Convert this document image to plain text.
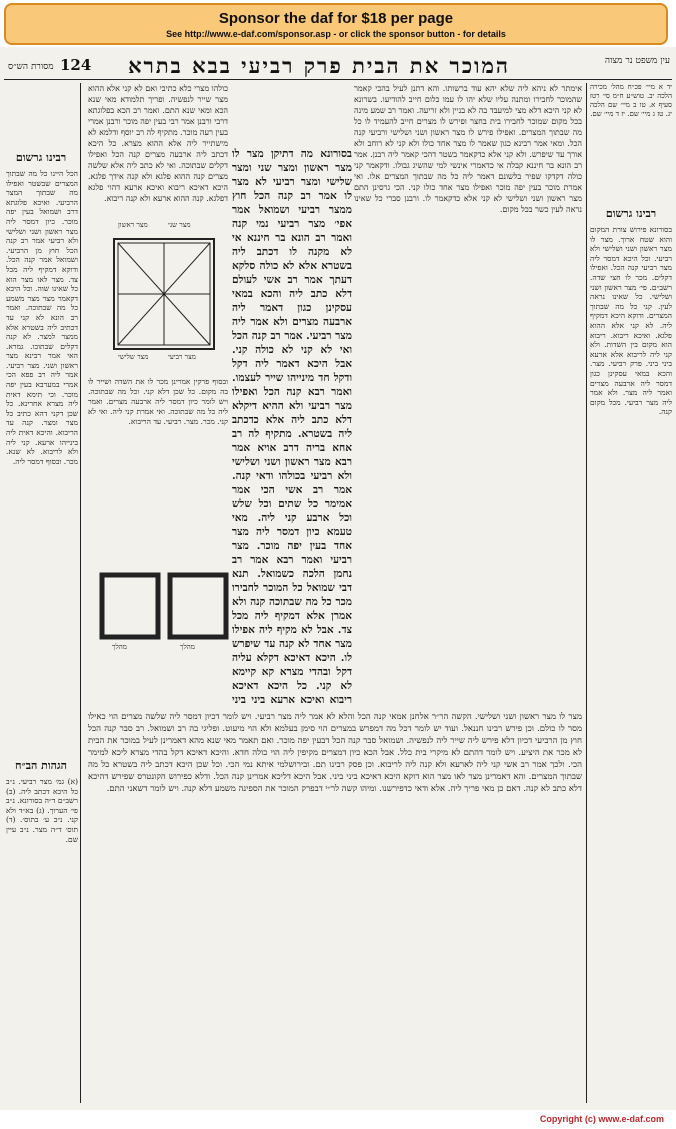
Sponsor the daf for $18 per page
See http://www.e-daf.com/sponsor.asp - or click the sponsor button - for details
124	המוכר את הבית פרק רביעי בבא בתרא
מסורת הש״ס
עין משפט נר מצוה

יד א מיי׳ פכ״ח מהל׳ מכירה הלכה יב. טוש״ע ח״מ סי׳ רטז סעיף א. טו ב מיי׳ שם הלכה יג. טז ג מיי׳ שם. יז ד מיי׳ שם.

רבינו גרשום

בסורונא פירוש צורת המקום והוא שטח ארוך. מצר לו מצר ראשון ושני ושלישי ולא רביעי. וכל היכא דמסר ליה מצר רביעי קנה הכל. ואפילו דקלים. מכר לו חצי שדה. רשב״ם. פי׳ מצר ראשון ושני ושלישי. כל שאינו נראה לעין. קני כל מה שבתוך המצרים. ודוקא היכא דמקיף ליה. לא קני אלא ההוא פלגא. ואיכא ריבוא. ריבוא הוא מקום בין השדות. ולא קני ליה לריבוא אלא ארעא ביני ביני. פרק רביעי. מצר. והכא במאי עסקינן כגון דמסר ליה ארבעה מצרים ואמר ליה מצר. ולא אמר ליה מצר רביעי. מכל מקום קנה.

אימתר לא ניהא ליה שלא יהא עוד ברשותו. והא דתנן לעיל בהכי קאמר שהמוכר לחבירו ומתנה עליו שלא יהו לו עמו כלום חייב להודיעו. בשרונא לא קני היכא דלא מצי למיעבד בה לא בניין ולא זריעה. ואמר רב שמע מינה בכל מקום שמוכר לחבירו בית בחצר ופירש לו מצרים חייב להעמיד לו כל מה שבתוך המצרים. ואפילו פירש לו מצר ראשון ושני ושלישי ורביעי קנה הכל. ומאי אמר רבינא כגון שאמר לו מצר אחד כולו ולא קני לא רוחב ולא אורך עד שיפרש. ולא קני אלא כדקאמר בשטר דהכי קאמר ליה רבנן. אמר רב הונא בר חיננא קבלה אי כדאמרי אינשי למי שהשיג גבולו. ודקאמר קני כולה דקדקו שפיר בלשונם דאמר ליה כל מה שבתוך המצרים אלו. ואי אמרת מוכר בעין יפה מוכר ואפילו מצר אחד כולו קני. הכי גרסינן התם מצר ראשון ושני ושלישי לא קני אלא כדקאמר לו. ורבנן סברי כל שאינו נראה לעין כשר בכל מקום.

בסורונא מה דתיקן מצר לו מצר ראשון ומצר שני ומצר שלישי ומצר רביעי לא מצר לו אמר רב קנה הכל חוץ ממצר רביעי ושמואל אמר אפי׳ מצר רביעי נמי קנה ואמר רב הונא בר חיננא אי לא מקנה לו דכתב ליה בשטרא אלא לא כולה סלקא דעתך אמר רב אשי לעולם דלא כתב ליה והכא במאי עסקינן כגון דאמר ליה ארבעה מצרים ולא אמר ליה מצר רביעי. אמר רב קנה הכל ואי לא קני לא כולה קני. אבל היכא דאמר ליה דקל ודקל חד מינייהו שייר לעצמו. ואמר רבא קנה הכל ואפילו מצר רביעי ולא ההיא דיקלא דלא כתב ליה אלא כדכתב ליה בשטרא. מתקיף לה רב אחא בריה דרב אויא אמר רבא מצר ראשון ושני ושלישי ולא רביעי בכולהו ודאי קנה. אמר רב אשי הכי אמר אמימר כל שתים וכל שלש וכל ארבע קני ליה. מאי טעמא כיון דמסר ליה מצר אחד בעין יפה מוכר. מצר רביעי ואמר רבא אמר רב נחמן הלכה כשמואל. תנא דבי שמואל כל המוכר לחבירו מכר כל מה שבתוכה קנה ולא אמרן אלא דמקיף ליה מכל צד. אבל לא מקיף ליה אפילו מצר אחד לא קנה עד שיפרש לו. היכא דאיכא דקלא עליה דקל ובהדי מצרא קא קיימא לא קני. כל היכא דאיכא ריבוא ואיכא ארעא ביני ביני

כולהו מצרי כלא כתיבי ואם לא קני אלא ההוא מצר שייר לנפשיה. ופריך תלמודא מאי שנא הכא ומאי שנא התם. ואמר רב הכא בפלוגתא דרבי ורבנן אמר רבי בעין יפה מוכר ורבנן אמרי בעין רעה מוכר. מתקיף לה רב יוסף ודלמא לא מישתייר ליה אלא ההוא מצרא. כל היכא דכתב ליה ארבעה מצרים קנה הכל ואפילו דקלים שבתוכה. ואי לא כתב ליה אלא שלשה מצרים קנה ההוא פלגא ולא קנה אידך פלגא. היכא דאיכא ריבוא ואיכא ארעא דהוי פלגא דפלגא. קנה ההוא ארעא ולא קנה ריבוא.

מצר ראשון	מצר שני
מצר שלישי	מצר רביעי

ובסוף פרקין אמרינן מכר לו את השדה ושייר לו בה מקום. כל שכן דלא קני. וכל מה שבתוכה. ויש לומר כיון דמסר ליה ארבעה מצרים. ואמר ליה כל מה שבתוכה. ואי אמרת קני ליה. ואי לא קני. מכר. מצר. רביעי. עד הריבוא.

מהלך	מהלך
רבינו גרשום

הכל היינו כל מה שבתוך המצרים שבשטר ואפילו מה שבתוך המצר הרביעי. ואיכא פלוגתא דרב ושמואל בעין יפה מוכר. כיון דמסר ליה מצר ראשון ושני ושלישי ולא רביעי אמר רב קנה הכל חוץ מן הרביעי. ושמואל אמר קנה הכל. ודוקא דמקיף ליה מכל צד. מצר לאו מצר הוא כל שאינו שוה. וכל היכא דקאמר מצר מצר משמע כל מה שבתוכה. ואמר רב הונא לא קני עד דכתיב ליה בשטרא אלא ממצר למצר. לא קנה דקלים שבתוכו. גמרא. האי אמר רבינא מצר ראשון ושני. מצר רביעי. אמר ליה רב פפא הכי אמרי במערבא בעין יפה מוכר. וכי תימא דאית ליה מצרא אחרינא. כל שכן דקני דהא כתיב כל מצר ומצר. קנה עד הריבוא. והיכא דאית ליה בינייהו ארעא. קני ליה ולא לריבוא. לא שנא. מכר. ובסוף דמסר ליה.

הגהות הב״ח

(א) גמ׳ מצר רביעי. נ״ב כל היכא דכתב ליה. (ב) רשב״ם ד״ה בסורונא. נ״ב פי׳ הערוך. (ג) בא״ד ולא קני. נ״ב ע׳ בתוס׳. (ד) תוס׳ ד״ה מצר. נ״ב עיין שם.

מצר לו מצר ראשון ושני ושלישי. הקשה הר״ר אלחנן אמאי קנה הכל והלא לא אמר ליה מצר רביעי. ויש לומר דכיון דמסר ליה שלשה מצרים הוי כאילו מסר לו כולם. וכן פירש רבינו חננאל. ועוד יש לומר דכל מה דמפרש במצרים הוי סימן בעלמא ולא הוי מיעוט. ופליגי בה רב ושמואל. רב סבר קנה הכל חוץ מן הרביעי דכיון דלא פירש ליה שייר ליה לנפשיה. ושמואל סבר קנה הכל דבעין יפה מוכר. ואם תאמר מאי שנא מהא דאמרינן לעיל במוכר את הבית לא מכר את היציע. ויש לומר דהתם לא מיקרי בית כלל. אבל הכא כיון דמצרים מקיפין ליה הוי כולה חדא. והיכא דאיכא דקל בהדי מצרא ליכא למימר הכי. ולכך אמר רב אשי קני ליה לארעא ולא קנה ליה לריבוא. וכן פסק רבינו תם. ובירושלמי איתא נמי הכי. וכל שכן היכא דכתב ליה בשטרא כל מה שבתוך המצרים. והא דאמרינן מצר לאו מצר הוא דוקא היכא דאיכא ביני ביני. אבל היכא דליכא אמרינן קנה הכל. ודלא כפירוש הקונטרס שפירש דהיכא דלא כתב לא קנה. דאם כן מאי פריך ליה. אלא ודאי כדפירשנו. ומיהו קשה לר״י דבפרק המוכר את הספינה משמע דלא קנה. ויש לומר דשאני התם.

Copyright (c) www.e-daf.com
